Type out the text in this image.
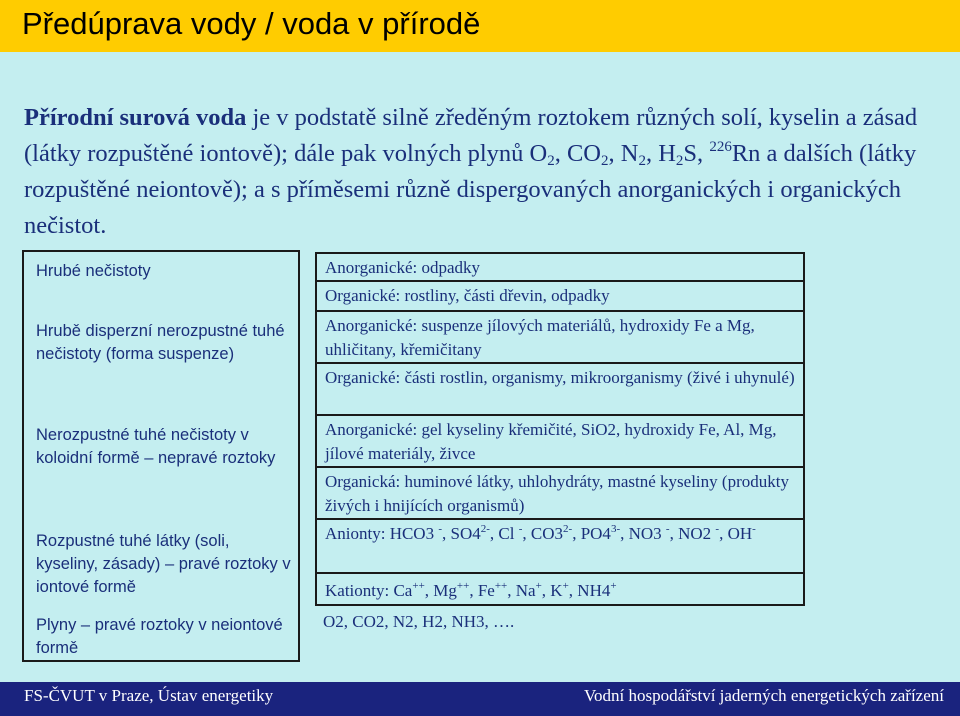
Předúprava vody / voda v přírodě
Přírodní surová voda je v podstatě silně zředěným roztokem různých solí, kyselin a zásad (látky rozpuštěné iontově); dále pak volných plynů $O_2$, $CO_2$, $N_2$, $H_2S$, $^{226}$Rn a dalších (látky rozpuštěné neiontově); a s příměsemi různě dispergovaných anorganických i organických nečistot.
Hrubé nečistoty
Hrubě disperzní nerozpustné tuhé nečistoty (forma suspenze)
Nerozpustné tuhé nečistoty v koloidní formě – nepravé roztoky
Rozpustné tuhé látky (soli, kyseliny, zásady) – pravé roztoky v iontové formě
Plyny – pravé roztoky v neiontové formě
Anorganické: odpadky
Organické: rostliny, části dřevin, odpadky
Anorganické: suspenze jílových materiálů, hydroxidy Fe a Mg, uhličitany, křemičitany
Organické: části rostlin, organismy, mikroorganismy (živé i uhynulé)
Anorganické: gel kyseliny křemičité, SiO2, hydroxidy Fe, Al, Mg, jílové materiály, živce
Organická: huminové látky, uhlohydráty, mastné kyseliny (produkty živých i hnijících organismů)
Anionty: HCO3 -, $SO4^{2-}$, Cl -, $CO3^{2-}$, $PO4^{3-}$, NO3 -, NO2 -, OH-
Kationty: Ca++, Mg++, Fe++, Na+, K+, NH4+
O2, CO2, N2, H2, NH3, ….
FS-ČVUT v Praze, Ústav energetiky	Vodní hospodářství jaderných energetických zařízení
